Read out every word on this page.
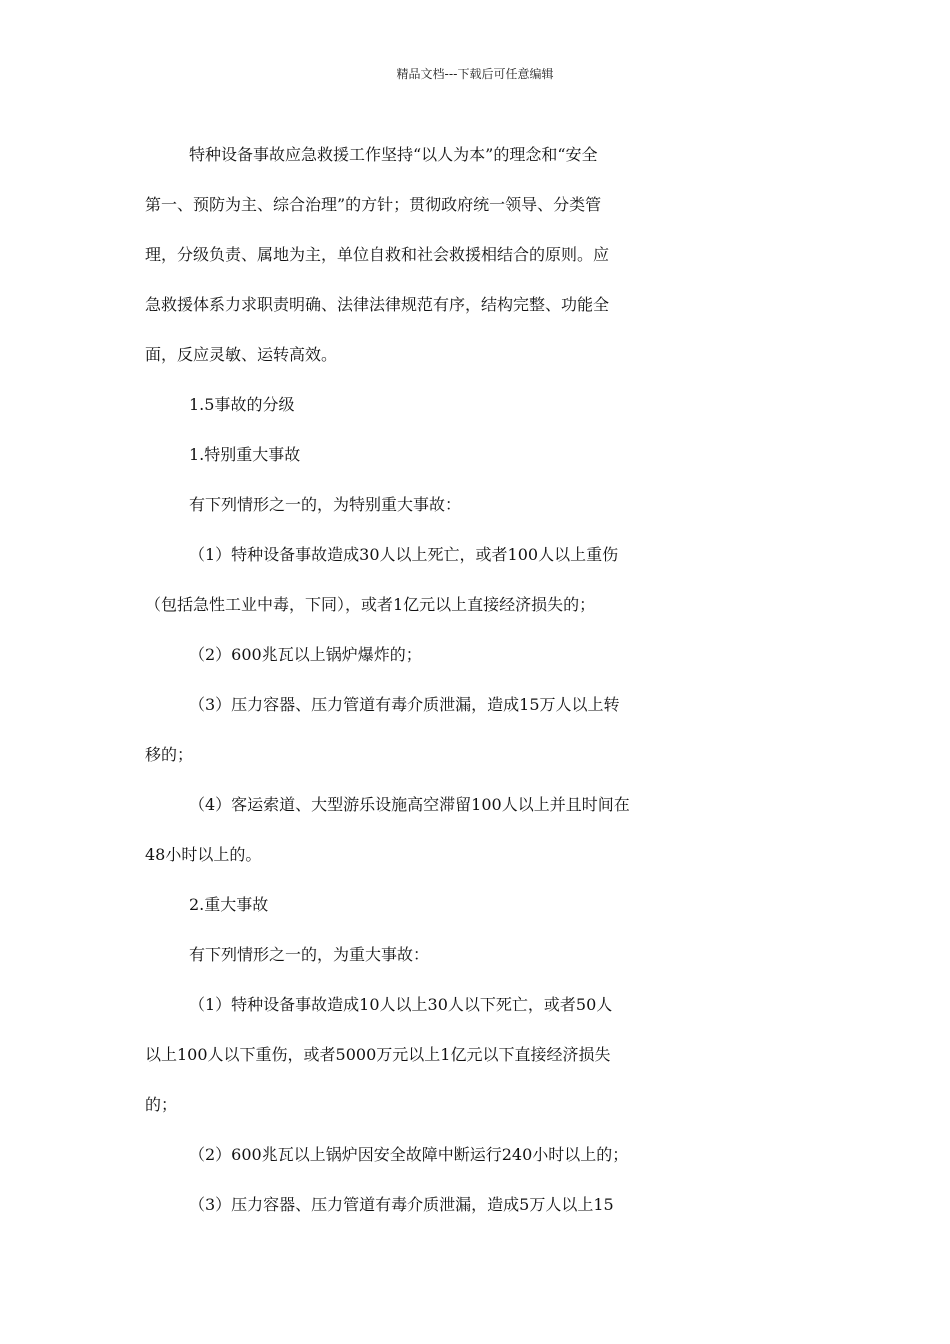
精品文档---下载后可任意编辑
特种设备事故应急救援工作坚持“以人为本”的理念和“安全
第一、预防为主、综合治理”的方针；贯彻政府统一领导、分类管
理，分级负责、属地为主，单位自救和社会救援相结合的原则。应
急救援体系力求职责明确、法律法律规范有序，结构完整、功能全
面，反应灵敏、运转高效。
1.5事故的分级
1.特别重大事故
有下列情形之一的，为特别重大事故：
（1）特种设备事故造成30人以上死亡，或者100人以上重伤
（包括急性工业中毒，下同），或者1亿元以上直接经济损失的；
（2）600兆瓦以上锅炉爆炸的；
（3）压力容器、压力管道有毒介质泄漏，造成15万人以上转
移的；
（4）客运索道、大型游乐设施高空滞留100人以上并且时间在
48小时以上的。
2.重大事故
有下列情形之一的，为重大事故：
（1）特种设备事故造成10人以上30人以下死亡，或者50人
以上100人以下重伤，或者5000万元以上1亿元以下直接经济损失
的；
（2）600兆瓦以上锅炉因安全故障中断运行240小时以上的；
（3）压力容器、压力管道有毒介质泄漏，造成5万人以上15
